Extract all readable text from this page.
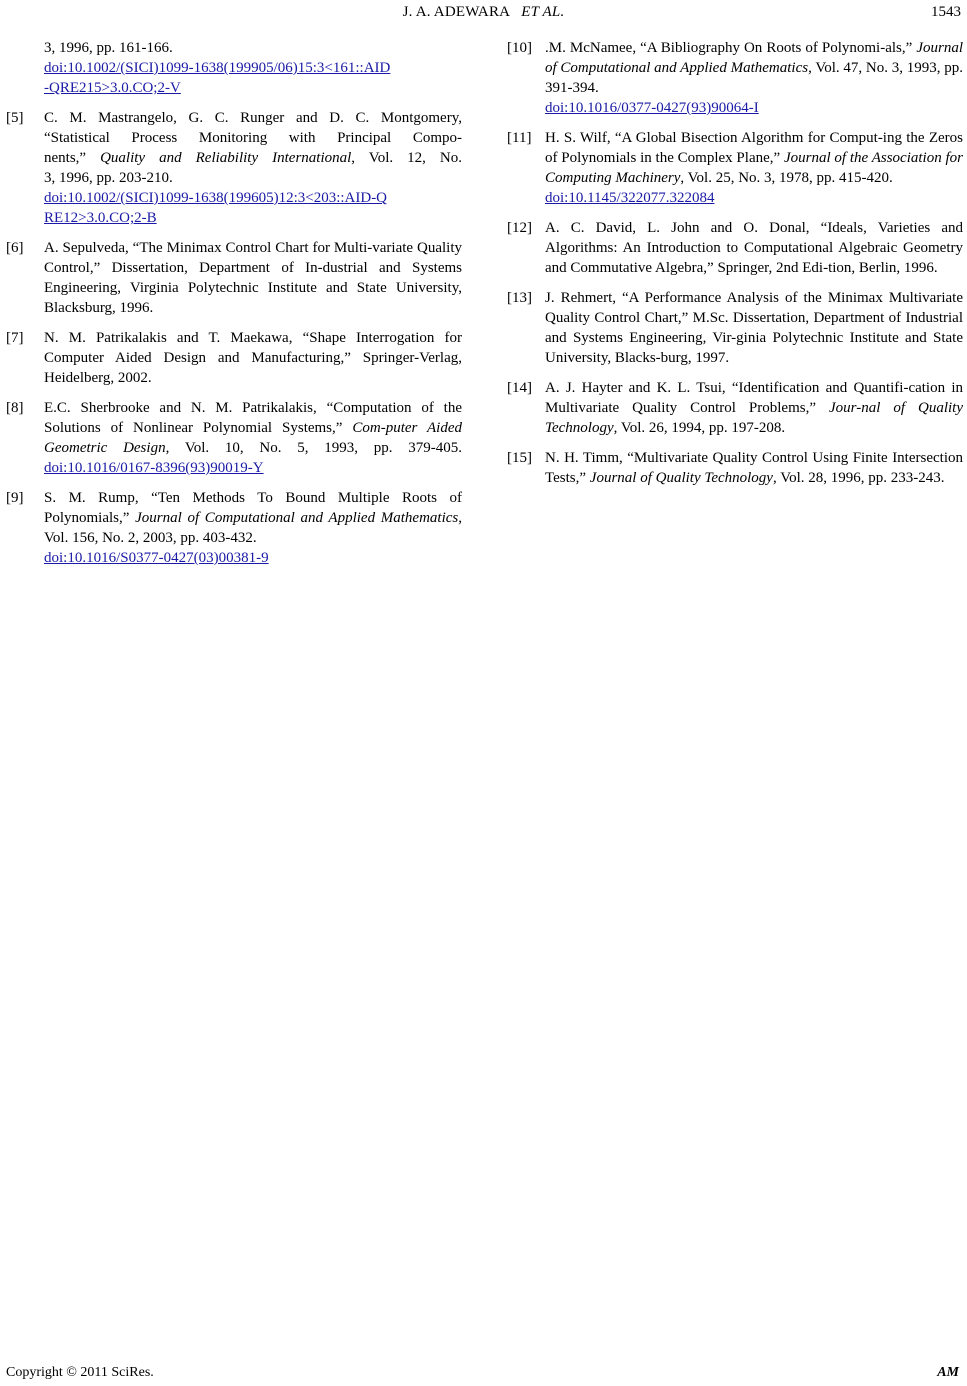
J. A. ADEWARA ET AL.	1543
3, 1996, pp. 161-166.
doi:10.1002/(SICI)1099-1638(199905/06)15:3<161::AID
-QRE215>3.0.CO;2-V
[5] C. M. Mastrangelo, G. C. Runger and D. C. Montgomery,
“Statistical Process Monitoring with Principal Compo-
nents,” Quality and Reliability International, Vol. 12, No.
3, 1996, pp. 203-210.
doi:10.1002/(SICI)1099-1638(199605)12:3<203::AID-Q
RE12>3.0.CO;2-B
[6] A. Sepulveda, “The Minimax Control Chart for Multi-variate Quality Control,” Dissertation, Department of In-dustrial and Systems Engineering, Virginia Polytechnic Institute and State University, Blacksburg, 1996.
[7] N. M. Patrikalakis and T. Maekawa, “Shape Interrogation for Computer Aided Design and Manufacturing,” Springer-Verlag, Heidelberg, 2002.
[8] E.C. Sherbrooke and N. M. Patrikalakis, “Computation of the Solutions of Nonlinear Polynomial Systems,” Com-puter Aided Geometric Design, Vol. 10, No. 5, 1993, pp. 379-405. doi:10.1016/0167-8396(93)90019-Y
[9] S. M. Rump, “Ten Methods To Bound Multiple Roots of Polynomials,” Journal of Computational and Applied Mathematics, Vol. 156, No. 2, 2003, pp. 403-432.
doi:10.1016/S0377-0427(03)00381-9
[10] .M. McNamee, “A Bibliography On Roots of Polynomi-als,” Journal of Computational and Applied Mathematics, Vol. 47, No. 3, 1993, pp. 391-394.
doi:10.1016/0377-0427(93)90064-I
[11] H. S. Wilf, “A Global Bisection Algorithm for Comput-ing the Zeros of Polynomials in the Complex Plane,” Journal of the Association for Computing Machinery, Vol. 25, No. 3, 1978, pp. 415-420.
doi:10.1145/322077.322084
[12] A. C. David, L. John and O. Donal, “Ideals, Varieties and Algorithms: An Introduction to Computational Algebraic Geometry and Commutative Algebra,” Springer, 2nd Edi-tion, Berlin, 1996.
[13] J. Rehmert, “A Performance Analysis of the Minimax Multivariate Quality Control Chart,” M.Sc. Dissertation, Department of Industrial and Systems Engineering, Vir-ginia Polytechnic Institute and State University, Blacks-burg, 1997.
[14] A. J. Hayter and K. L. Tsui, “Identification and Quantifi-cation in Multivariate Quality Control Problems,” Jour-nal of Quality Technology, Vol. 26, 1994, pp. 197-208.
[15] N. H. Timm, “Multivariate Quality Control Using Finite Intersection Tests,” Journal of Quality Technology, Vol. 28, 1996, pp. 233-243.
Copyright © 2011 SciRes.	AM
